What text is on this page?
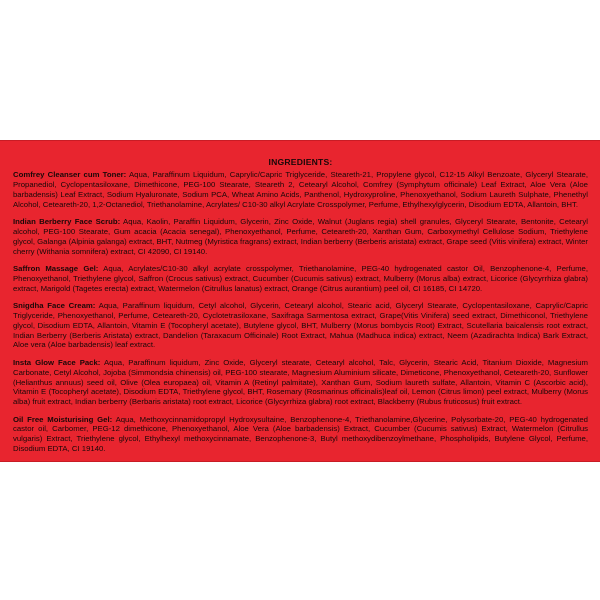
INGREDIENTS:

Comfrey Cleanser cum Toner: Aqua, Paraffinum Liquidum, Caprylic/Capric Triglyceride, Steareth-21, Propylene glycol, C12-15 Alkyl Benzoate, Glyceryl Stearate, Propanediol, Cyclopentasiloxane, Dimethicone, PEG-100 Stearate, Steareth 2, Cetearyl Alcohol, Comfrey (Symphytum officinale) Leaf Extract, Aloe Vera (Aloe barbadensis) Leaf Extract, Sodium Hyaluronate, Sodium PCA, Wheat Amino Acids, Panthenol, Hydroxyproline, Phenoxyethanol, Sodium Laureth Sulphate, Phenethyl Alcohol, Ceteareth-20, 1,2-Octanediol, Triethanolamine, Acrylates/ C10-30 alkyl Acrylate Crosspolymer, Perfume, Ethylhexylglycerin, Disodium EDTA, Allantoin, BHT.

Indian Berberry Face Scrub: Aqua, Kaolin, Paraffin Liquidum, Glycerin, Zinc Oxide, Walnut (Juglans regia) shell granules, Glyceryl Stearate, Bentonite, Cetearyl alcohol, PEG-100 Stearate, Gum acacia (Acacia senegal), Phenoxyethanol, Perfume, Ceteareth-20, Xanthan Gum, Carboxymethyl Cellulose Sodium, Triethylene glycol, Galanga (Alpinia galanga) extract, BHT, Nutmeg (Myristica fragrans) extract, Indian berberry (Berberis aristata) extract, Grape seed (Vitis vinifera) extract, Winter cherry (Withania somnifera) extract, CI 42090, CI 19140.

Saffron Massage Gel: Aqua, Acrylates/C10-30 alkyl acrylate crosspolymer, Triethanolamine, PEG-40 hydrogenated castor Oil, Benzophenone-4, Perfume, Phenoxyethanol, Triethylene glycol, Saffron (Crocus sativus) extract, Cucumber (Cucumis sativus) extract, Mulberry (Morus alba) extract, Licorice (Glycyrrhiza glabra) extract, Marigold (Tagetes erecta) extract, Watermelon (Citrullus lanatus) extract, Orange (Citrus aurantium) peel oil, CI 16185, CI 14720.

Snigdha Face Cream: Aqua, Paraffinum liquidum, Cetyl alcohol, Glycerin, Cetearyl alcohol, Stearic acid, Glyceryl Stearate, Cyclopentasiloxane, Caprylic/Capric Triglyceride, Phenoxyethanol, Perfume, Ceteareth-20, Cyclotetrasiloxane, Saxifraga Sarmentosa extract, Grape(Vitis Vinifera) seed extract, Dimethiconol, Triethylene glycol, Disodium EDTA, Allantoin, Vitamin E (Tocopheryl acetate), Butylene glycol, BHT, Mulberry (Morus bombycis Root) Extract, Scutellaria baicalensis root extract, Indian Berberry (Berberis Aristata) extract, Dandelion (Taraxacum Officinale) Root Extract, Mahua (Madhuca indica) extract, Neem (Azadirachta Indica) Bark Extract, Aloe vera (Aloe barbadensis) leaf extract.

Insta Glow Face Pack: Aqua, Paraffinum liquidum, Zinc Oxide, Glyceryl stearate, Cetearyl alcohol, Talc, Glycerin, Stearic Acid, Titanium Dioxide, Magnesium Carbonate, Cetyl Alcohol, Jojoba (Simmondsia chinensis) oil, PEG-100 stearate, Magnesium Aluminium silicate, Dimeticone, Phenoxyethanol, Ceteareth-20, Sunflower (Helianthus annuus) seed oil, Olive (Olea europaea) oil, Vitamin A (Retinyl palmitate), Xanthan Gum, Sodium laureth sulfate, Allantoin, Vitamin C (Ascorbic acid), Vitamin E (Tocopheryl acetate), Disodium EDTA, Triethylene glycol, BHT, Rosemary (Rosmarinus officinalis)leaf oil, Lemon (Citrus limon) peel extract, Mulberry (Morus alba) fruit extract, Indian berberry (Berbaris aristata) root extract, Licorice (Glycyrrhiza glabra) root extract, Blackberry (Rubus fruticosus) fruit extract.

Oil Free Moisturising Gel: Aqua, Methoxycinnamidopropyl Hydroxysultaine, Benzophenone-4, Triethanolamine,Glycerine, Polysorbate-20, PEG-40 hydrogenated castor oil, Carbomer, PEG-12 dimethicone, Phenoxyethanol, Aloe Vera (Aloe barbadensis) Extract, Cucumber (Cucumis sativus) Extract, Watermelon (Citrullus vulgaris) Extract, Triethylene glycol, Ethylhexyl methoxycinnamate, Benzophenone-3, Butyl methoxydibenzoylmethane, Phospholipids, Butylene Glycol, Perfume, Disodium EDTA, CI 19140.
